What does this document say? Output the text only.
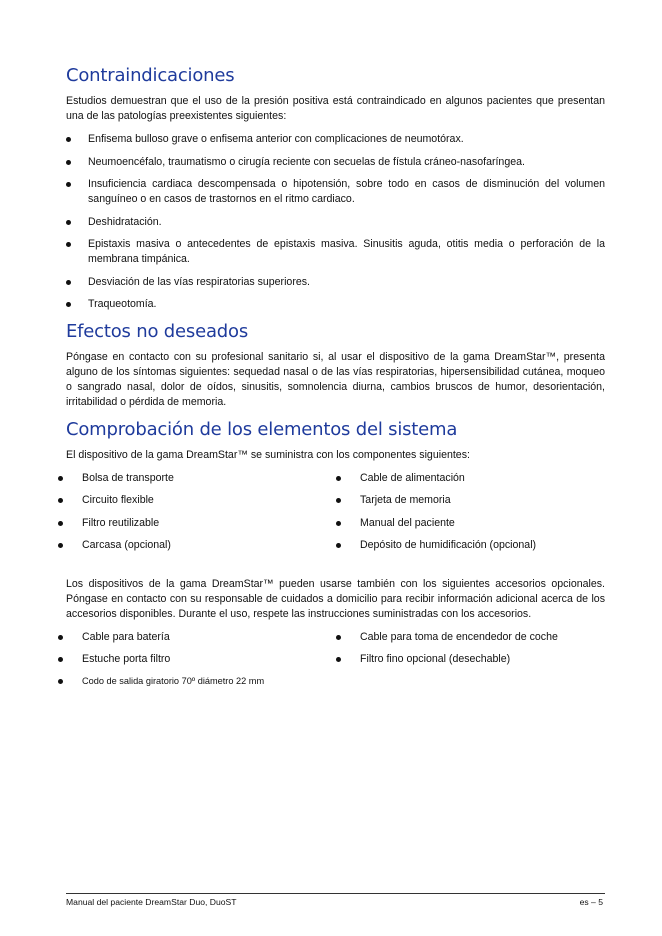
Contraindicaciones

Estudios demuestran que el uso de la presión positiva está contraindicado en algunos pacientes que presentan una de las patologías preexistentes siguientes:

Enfisema bulloso grave o enfisema anterior con complicaciones de neumotórax.
Neumoencéfalo, traumatismo o cirugía reciente con secuelas de fístula cráneo-nasofaríngea.
Insuficiencia cardiaca descompensada o hipotensión, sobre todo en casos de disminución del volumen sanguíneo o en casos de trastornos en el ritmo cardiaco.
Deshidratación.
Epistaxis masiva o antecedentes de epistaxis masiva. Sinusitis aguda, otitis media o perforación de la membrana timpánica.
Desviación de las vías respiratorias superiores.
Traqueotomía.
Efectos no deseados

Póngase en contacto con su profesional sanitario si, al usar el dispositivo de la gama DreamStar™, presenta alguno de los síntomas siguientes: sequedad nasal o de las vías respiratorias, hipersensibilidad cutánea, moqueo o sangrado nasal, dolor de oídos, sinusitis, somnolencia diurna, cambios bruscos de humor, desorientación, irritabilidad o pérdida de memoria.

Comprobación de los elementos del sistema

El dispositivo de la gama DreamStar™ se suministra con los componentes siguientes:

Bolsa de transporte	Cable de alimentación
Circuito flexible	Tarjeta de memoria
Filtro reutilizable	Manual del paciente
Carcasa (opcional)	Depósito de humidificación (opcional)

Los dispositivos de la gama DreamStar™ pueden usarse también con los siguientes accesorios opcionales. Póngase en contacto con su responsable de cuidados a domicilio para recibir información adicional acerca de los accesorios disponibles. Durante el uso, respete las instrucciones suministradas con los accesorios.

Cable para batería	Cable para toma de encendedor de coche
Estuche porta filtro	Filtro fino opcional (desechable)
Codo de salida giratorio 70º diámetro 22 mm
Manual del paciente DreamStar Duo, DuoST	es – 5
